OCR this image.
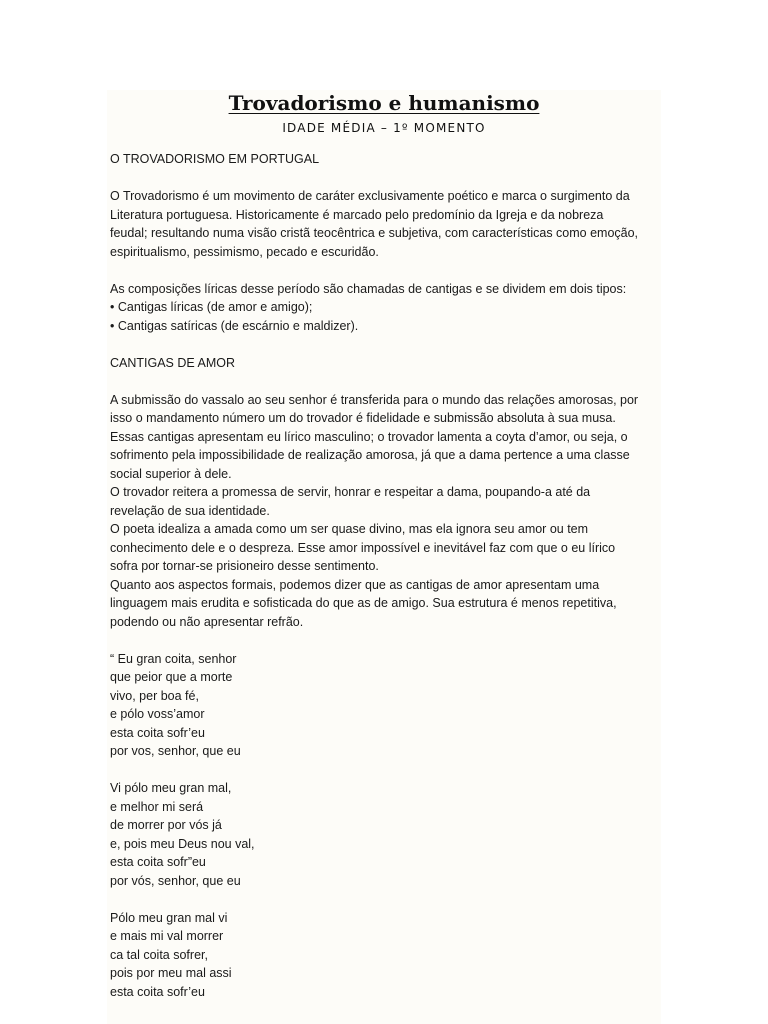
Trovadorismo e humanismo
IDADE MÉDIA – 1º MOMENTO
O TROVADORISMO EM PORTUGAL
O Trovadorismo é um movimento de caráter exclusivamente poético e marca o surgimento da
Literatura portuguesa. Historicamente é marcado pelo predomínio da Igreja e da nobreza
feudal; resultando numa visão cristã teocêntrica e subjetiva, com características como emoção,
espiritualismo, pessimismo, pecado e escuridão.
As composições líricas desse período são chamadas de cantigas e se dividem em dois tipos:
• Cantigas líricas (de amor e amigo);
• Cantigas satíricas (de escárnio e maldizer).
CANTIGAS DE AMOR
A submissão do vassalo ao seu senhor é transferida para o mundo das relações amorosas, por
isso o mandamento número um do trovador é fidelidade e submissão absoluta à sua musa.
Essas cantigas apresentam eu lírico masculino; o trovador lamenta a coyta d’amor, ou seja, o
sofrimento pela impossibilidade de realização amorosa, já que a dama pertence a uma classe
social superior à dele.
O trovador reitera a promessa de servir, honrar e respeitar a dama, poupando-a até da
revelação de sua identidade.
O poeta idealiza a amada como um ser quase divino, mas ela ignora seu amor ou tem
conhecimento dele e o despreza. Esse amor impossível e inevitável faz com que o eu lírico
sofra por tornar-se prisioneiro desse sentimento.
Quanto aos aspectos formais, podemos dizer que as cantigas de amor apresentam uma
linguagem mais erudita e sofisticada do que as de amigo. Sua estrutura é menos repetitiva,
podendo ou não apresentar refrão.
“ Eu gran coita, senhor
que peior que a morte
vivo, per boa fé,
e pólo voss’amor
esta coita sofr’eu
por vos, senhor, que eu
Vi pólo meu gran mal,
e melhor mi será
de morrer por vós já
e, pois meu Deus nou val,
esta coita sofr”eu
por vós, senhor, que eu
Pólo meu gran mal vi
e mais mi val morrer
ca tal coita sofrer,
pois por meu mal assi
esta coita sofr’eu
